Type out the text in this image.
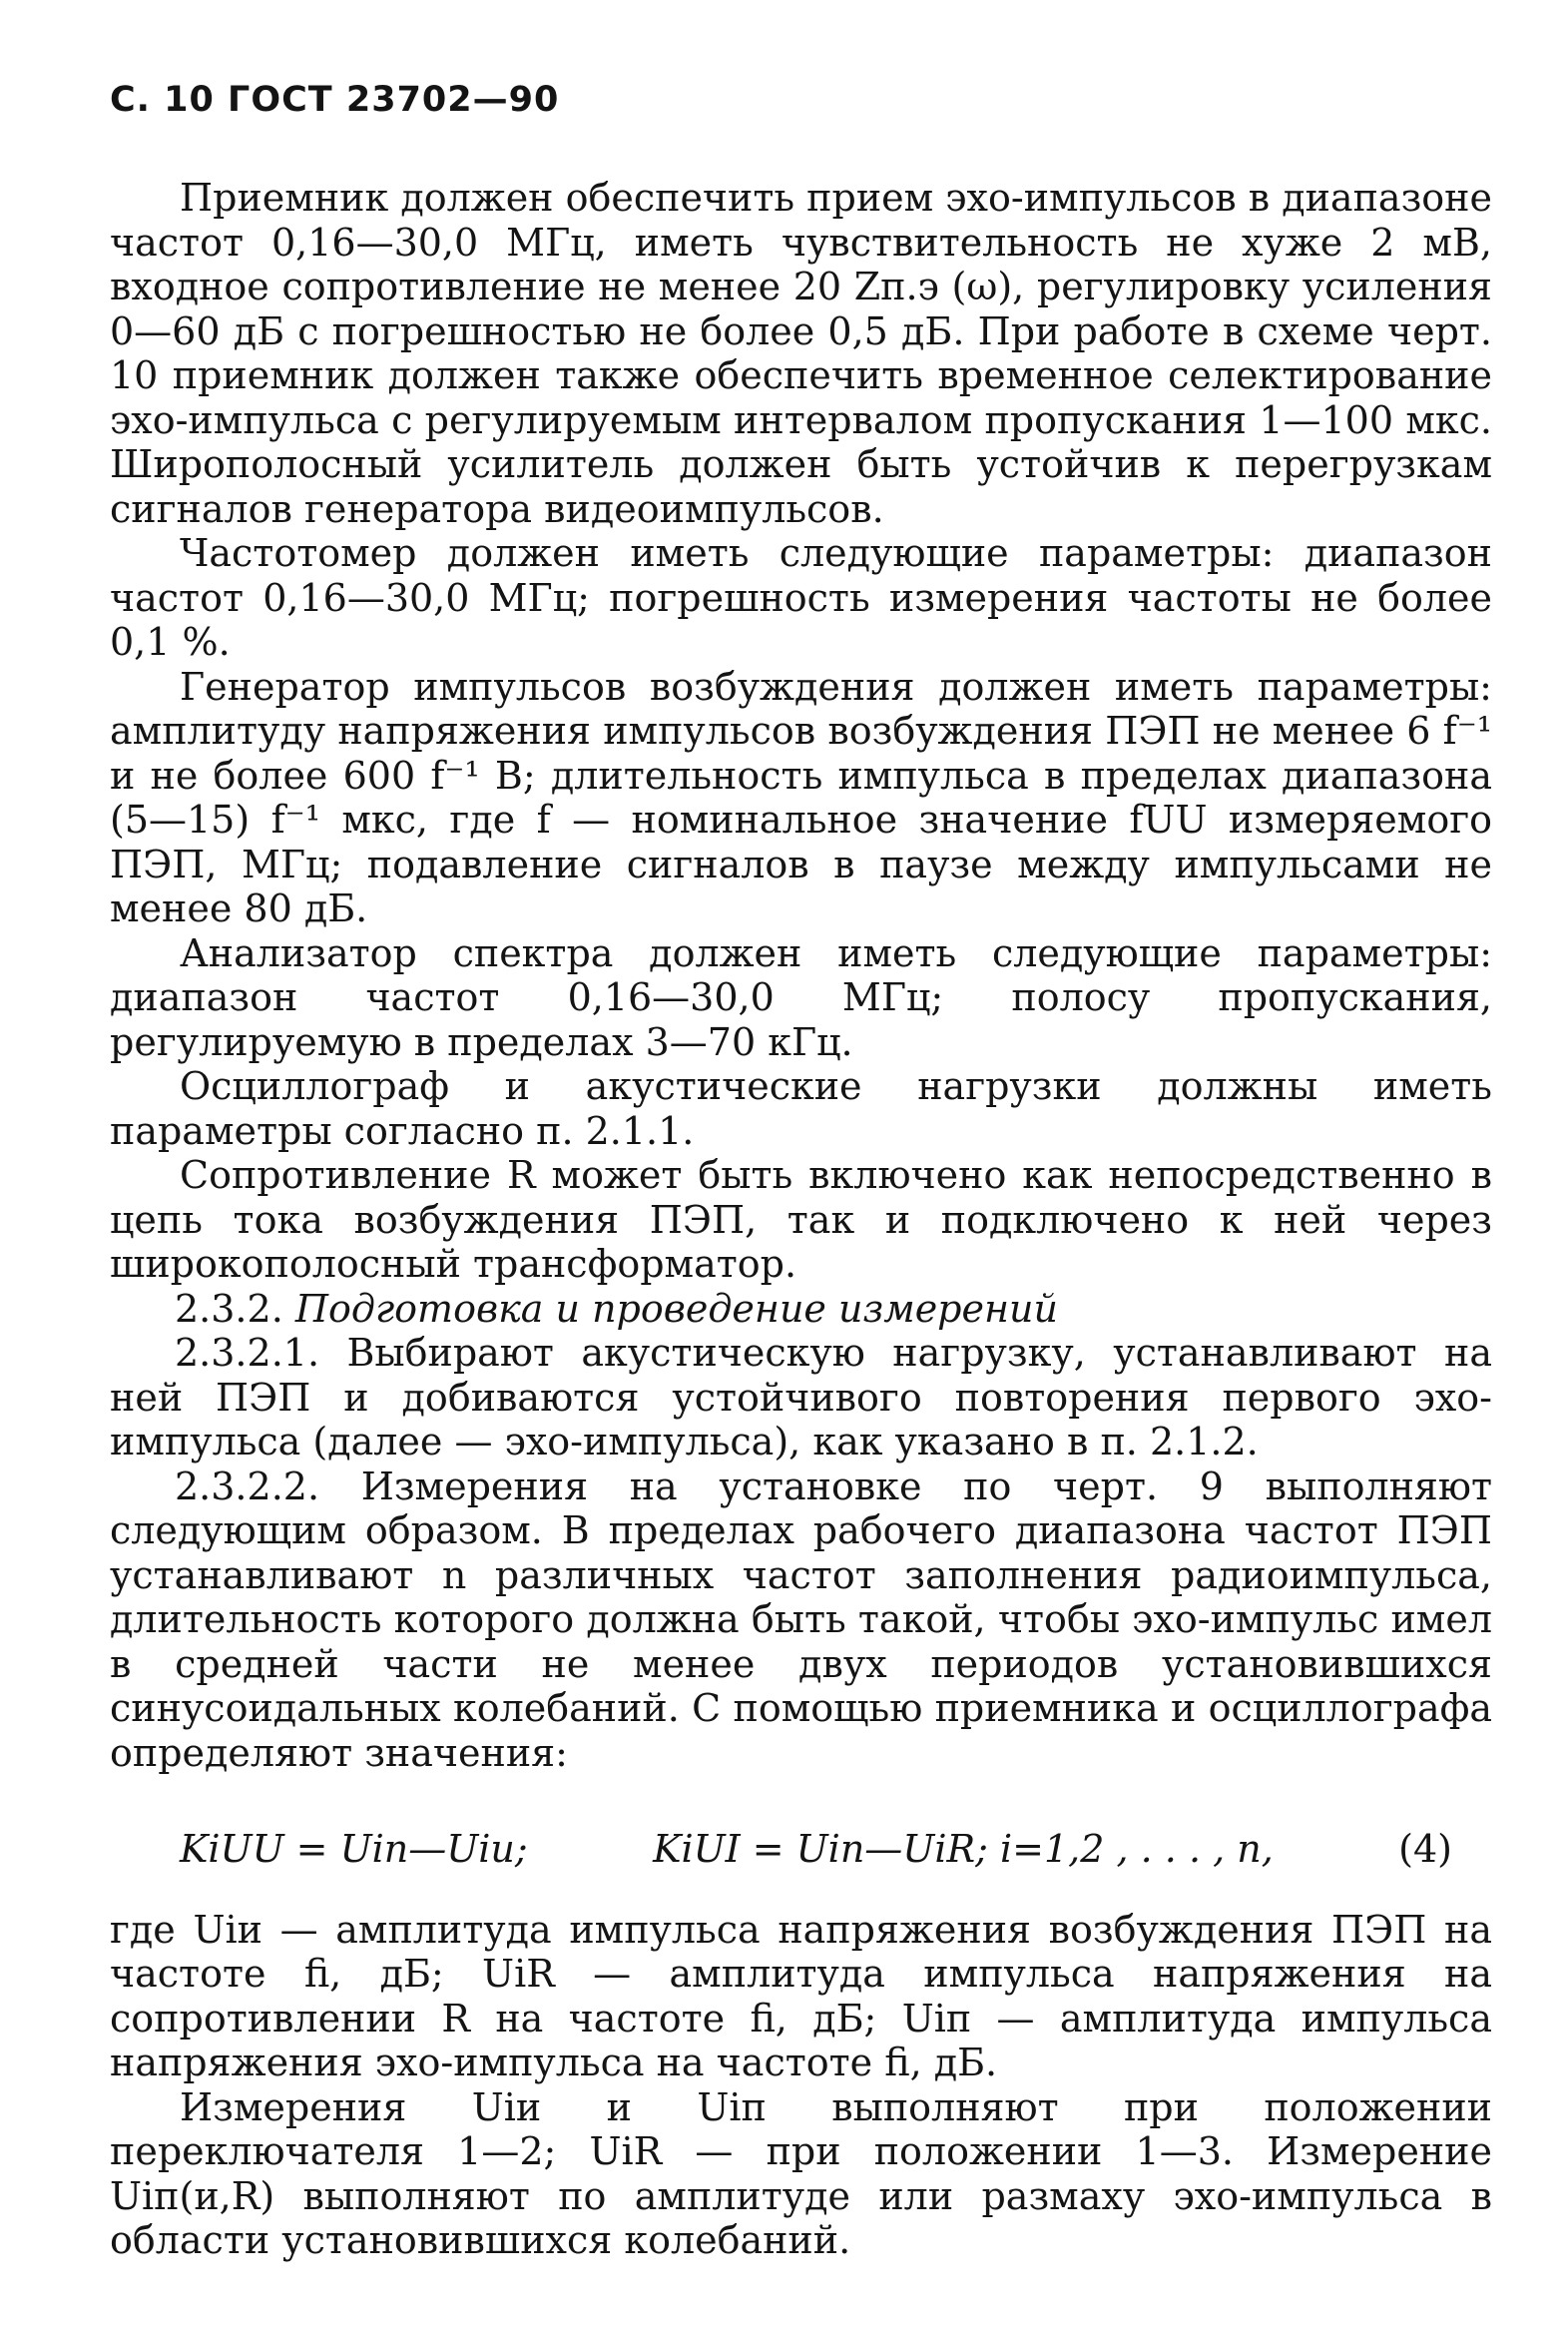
С. 10 ГОСТ 23702—90

Приемник должен обеспечить прием эхо-импульсов в диапазоне частот 0,16—30,0 МГц, иметь чувствительность не хуже 2 мВ, входное сопротивление не менее 20 Zп.э (ω), регулировку усиления 0—60 дБ с погрешностью не более 0,5 дБ. При работе в схеме черт. 10 приемник должен также обеспечить временное селектирование эхо-импульса с регулируемым интервалом пропускания 1—100 мкс. Широполосный усилитель должен быть устойчив к перегрузкам сигналов генератора видеоимпульсов.

Частотомер должен иметь следующие параметры: диапазон частот 0,16—30,0 МГц; погрешность измерения частоты не более 0,1 %.

Генератор импульсов возбуждения должен иметь параметры: амплитуду напряжения импульсов возбуждения ПЭП не менее 6 f⁻¹ и не более 600 f⁻¹ В; длительность импульса в пределах диапазона (5—15) f⁻¹ мкс, где f — номинальное значение fUU измеряемого ПЭП, МГц; подавление сигналов в паузе между импульсами не менее 80 дБ.

Анализатор спектра должен иметь следующие параметры: диапазон частот 0,16—30,0 МГц; полосу пропускания, регулируемую в пределах 3—70 кГц.

Осциллограф и акустические нагрузки должны иметь параметры согласно п. 2.1.1.

Сопротивление R может быть включено как непосредственно в цепь тока возбуждения ПЭП, так и подключено к ней через широкополосный трансформатор.

2.3.2. Подготовка и проведение измерений

2.3.2.1. Выбирают акустическую нагрузку, устанавливают на ней ПЭП и добиваются устойчивого повторения первого эхо-импульса (далее — эхо-импульса), как указано в п. 2.1.2.

2.3.2.2. Измерения на установке по черт. 9 выполняют следующим образом. В пределах рабочего диапазона частот ПЭП устанавливают n различных частот заполнения радиоимпульса, длительность которого должна быть такой, чтобы эхо-импульс имел в средней части не менее двух периодов установившихся синусоидальных колебаний. С помощью приемника и осциллографа определяют значения:

KiUU = Uiп—Uiи;	KiUI = Uiп—UiR; i=1,2 , . . . , n,	(4)

где Uiи — амплитуда импульса напряжения возбуждения ПЭП на частоте fi, дБ; UiR — амплитуда импульса напряжения на сопротивлении R на частоте fi, дБ; Uiп — амплитуда импульса напряжения эхо-импульса на частоте fi, дБ.

Измерения Uiи и Uiп выполняют при положении переключателя 1—2; UiR — при положении 1—3. Измерение Uiп(и,R) выполняют по амплитуде или размаху эхо-импульса в области установившихся колебаний.
